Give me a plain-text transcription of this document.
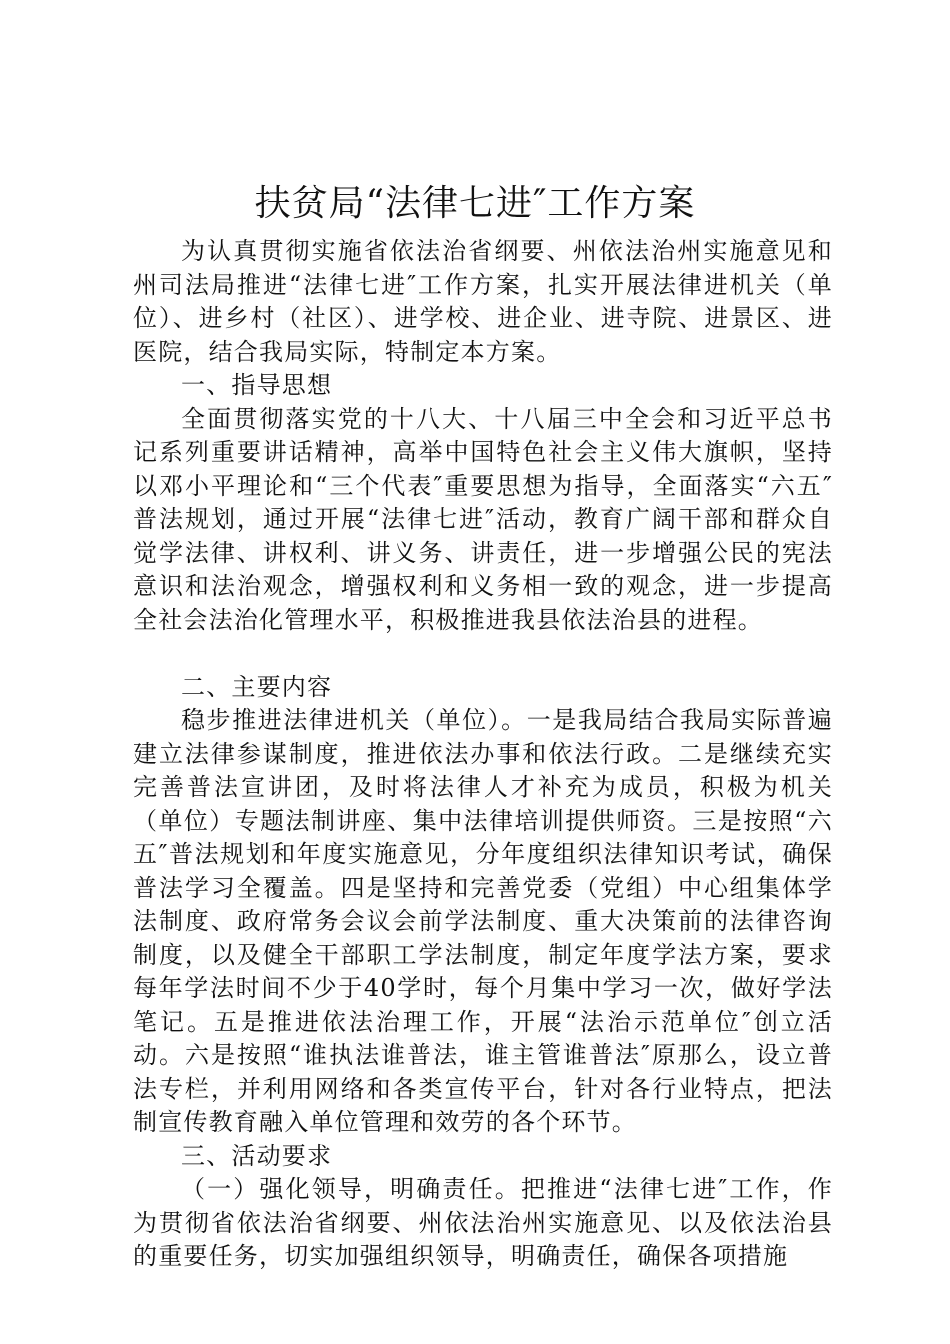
扶贫局“法律七进″工作方案

为认真贯彻实施省依法治省纲要、州依法治州实施意见和州司法局推进“法律七进″工作方案，扎实开展法律进机关（单位）、进乡村（社区）、进学校、进企业、进寺院、进景区、进医院，结合我局实际，特制定本方案。

一、指导思想

全面贯彻落实党的十八大、十八届三中全会和习近平总书记系列重要讲话精神，高举中国特色社会主义伟大旗帜，坚持以邓小平理论和“三个代表″重要思想为指导，全面落实“六五″普法规划，通过开展“法律七进″活动，教育广阔干部和群众自觉学法律、讲权利、讲义务、讲责任，进一步增强公民的宪法意识和法治观念，增强权利和义务相一致的观念，进一步提高全社会法治化管理水平，积极推进我县依法治县的进程。

二、主要内容

稳步推进法律进机关（单位）。一是我局结合我局实际普遍建立法律参谋制度，推进依法办事和依法行政。二是继续充实完善普法宣讲团，及时将法律人才补充为成员，积极为机关（单位）专题法制讲座、集中法律培训提供师资。三是按照“六五″普法规划和年度实施意见，分年度组织法律知识考试，确保普法学习全覆盖。四是坚持和完善党委（党组）中心组集体学法制度、政府常务会议会前学法制度、重大决策前的法律咨询制度，以及健全干部职工学法制度，制定年度学法方案，要求每年学法时间不少于40学时，每个月集中学习一次，做好学法笔记。五是推进依法治理工作，开展“法治示范单位″创立活动。六是按照“谁执法谁普法，谁主管谁普法″原那么，设立普法专栏，并利用网络和各类宣传平台，针对各行业特点，把法制宣传教育融入单位管理和效劳的各个环节。

三、活动要求

（一）强化领导，明确责任。把推进“法律七进″工作，作为贯彻省依法治省纲要、州依法治州实施意见、以及依法治县的重要任务，切实加强组织领导，明确责任，确保各项措施
